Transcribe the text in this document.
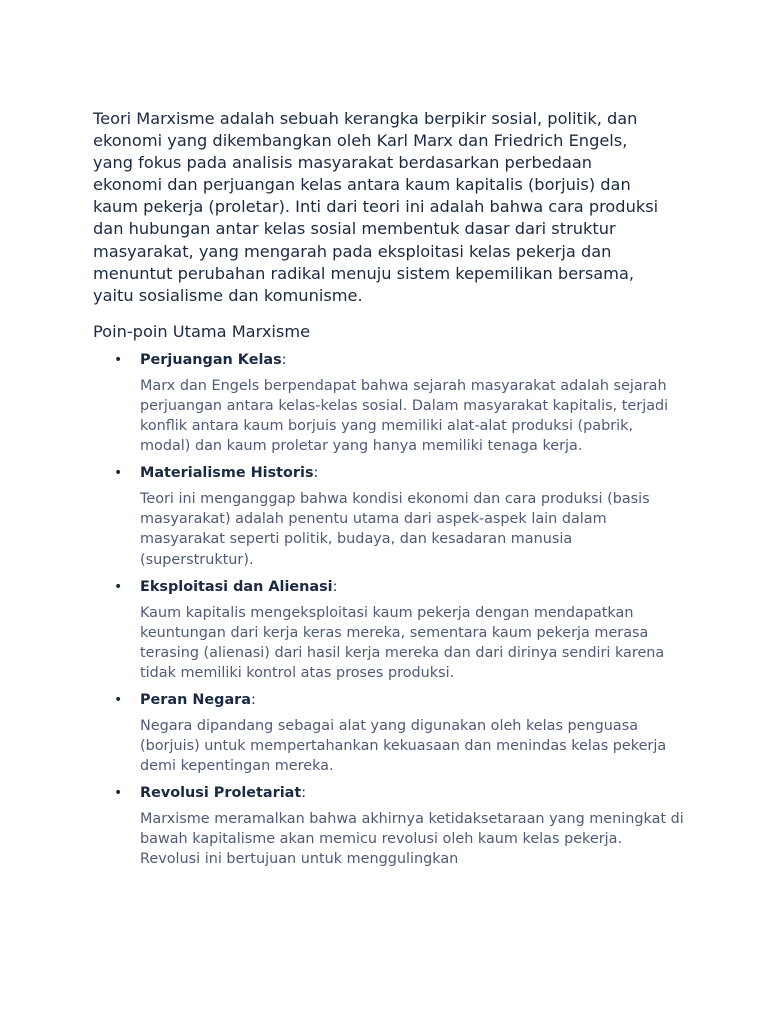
Teori Marxisme adalah sebuah kerangka berpikir sosial, politik, dan ekonomi yang dikembangkan oleh Karl Marx dan Friedrich Engels, yang fokus pada analisis masyarakat berdasarkan perbedaan ekonomi dan perjuangan kelas antara kaum kapitalis (borjuis) dan kaum pekerja (proletar). Inti dari teori ini adalah bahwa cara produksi dan hubungan antar kelas sosial membentuk dasar dari struktur masyarakat, yang mengarah pada eksploitasi kelas pekerja dan menuntut perubahan radikal menuju sistem kepemilikan bersama, yaitu sosialisme dan komunisme.

Poin-poin Utama Marxisme
• Perjuangan Kelas:

Marx dan Engels berpendapat bahwa sejarah masyarakat adalah sejarah perjuangan antara kelas-kelas sosial. Dalam masyarakat kapitalis, terjadi konflik antara kaum borjuis yang memiliki alat-alat produksi (pabrik, modal) dan kaum proletar yang hanya memiliki tenaga kerja.

• Materialisme Historis:

Teori ini menganggap bahwa kondisi ekonomi dan cara produksi (basis masyarakat) adalah penentu utama dari aspek-aspek lain dalam masyarakat seperti politik, budaya, dan kesadaran manusia (superstruktur).

• Eksploitasi dan Alienasi:

Kaum kapitalis mengeksploitasi kaum pekerja dengan mendapatkan keuntungan dari kerja keras mereka, sementara kaum pekerja merasa terasing (alienasi) dari hasil kerja mereka dan dari dirinya sendiri karena tidak memiliki kontrol atas proses produksi.

• Peran Negara:

Negara dipandang sebagai alat yang digunakan oleh kelas penguasa (borjuis) untuk mempertahankan kekuasaan dan menindas kelas pekerja demi kepentingan mereka.

• Revolusi Proletariat:

Marxisme meramalkan bahwa akhirnya ketidaksetaraan yang meningkat di bawah kapitalisme akan memicu revolusi oleh kaum kelas pekerja. Revolusi ini bertujuan untuk menggulingkan
